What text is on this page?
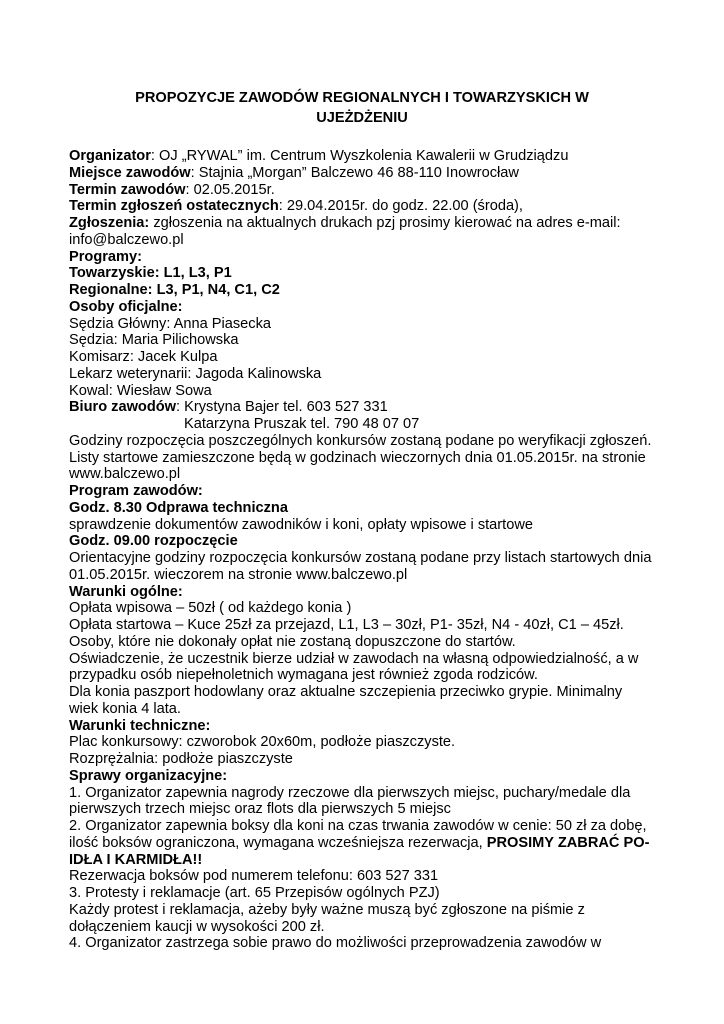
PROPOZYCJE ZAWODÓW REGIONALNYCH I TOWARZYSKICH W
UJEŻDŻENIU
Organizator: OJ „RYWAL” im. Centrum Wyszkolenia Kawalerii w Grudziądzu
Miejsce zawodów: Stajnia „Morgan” Balczewo 46 88-110 Inowrocław
Termin zawodów: 02.05.2015r.
Termin zgłoszeń ostatecznych: 29.04.2015r. do godz. 22.00 (środa),
Zgłoszenia: zgłoszenia na aktualnych drukach pzj prosimy kierować na adres e-mail:
info@balczewo.pl
Programy:
Towarzyskie: L1, L3, P1
Regionalne: L3, P1, N4, C1, C2
Osoby oficjalne:
Sędzia Główny: Anna Piasecka
Sędzia: Maria Pilichowska
Komisarz: Jacek Kulpa
Lekarz weterynarii: Jagoda Kalinowska
Kowal: Wiesław Sowa
Biuro zawodów: Krystyna Bajer tel. 603 527 331
Katarzyna Pruszak tel. 790 48 07 07
Godziny rozpoczęcia poszczególnych konkursów zostaną podane po weryfikacji zgłoszeń.
Listy startowe zamieszczone będą w godzinach wieczornych dnia 01.05.2015r. na stronie
www.balczewo.pl
Program zawodów:
Godz. 8.30 Odprawa techniczna
sprawdzenie dokumentów zawodników i koni, opłaty wpisowe i startowe
Godz. 09.00 rozpoczęcie
Orientacyjne godziny rozpoczęcia konkursów zostaną podane przy listach startowych dnia
01.05.2015r. wieczorem na stronie www.balczewo.pl
Warunki ogólne:
Opłata wpisowa – 50zł ( od każdego konia )
Opłata startowa – Kuce 25zł za przejazd, L1, L3 – 30zł, P1- 35zł, N4 - 40zł, C1 – 45zł.
Osoby, które nie dokonały opłat nie zostaną dopuszczone do startów.
Oświadczenie, że uczestnik bierze udział w zawodach na własną odpowiedzialność, a w
przypadku osób niepełnoletnich wymagana jest również zgoda rodziców.
Dla konia paszport hodowlany oraz aktualne szczepienia przeciwko grypie. Minimalny
wiek konia 4 lata.
Warunki techniczne:
Plac konkursowy: czworobok 20x60m, podłoże piaszczyste.
Rozprężalnia: podłoże piaszczyste
Sprawy organizacyjne:
1. Organizator zapewnia nagrody rzeczowe dla pierwszych miejsc, puchary/medale dla
pierwszych trzech miejsc oraz flots dla pierwszych 5 miejsc
2. Organizator zapewnia boksy dla koni na czas trwania zawodów w cenie: 50 zł za dobę,
ilość boksów ograniczona, wymagana wcześniejsza rezerwacja, PROSIMY ZABRAĆ PO-
IDŁA I KARMIDŁA!!
Rezerwacja boksów pod numerem telefonu: 603 527 331
3. Protesty i reklamacje (art. 65 Przepisów ogólnych PZJ)
Każdy protest i reklamacja, ażeby były ważne muszą być zgłoszone na piśmie z
dołączeniem kaucji w wysokości 200 zł.
4. Organizator zastrzega sobie prawo do możliwości przeprowadzenia zawodów w
